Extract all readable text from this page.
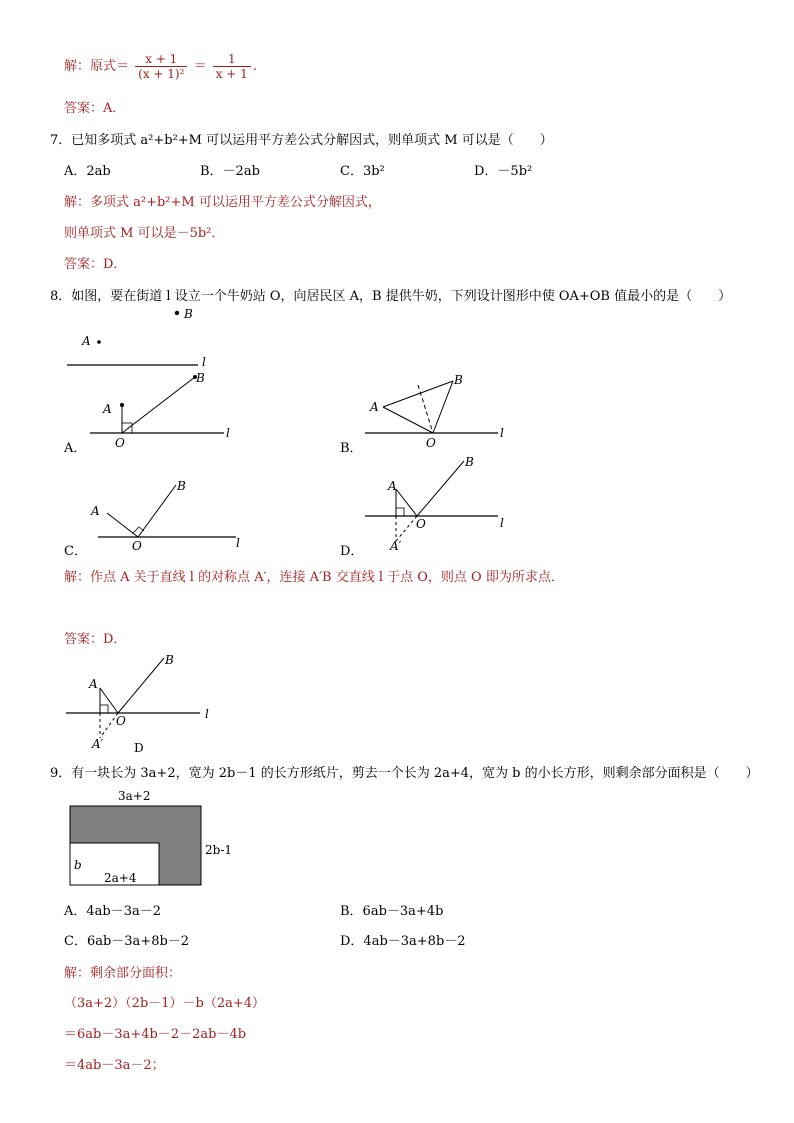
解：原式＝ $\frac{x + 1}{\text{(x + 1)²}} = \frac{1}{x + 1}$ .
答案：A．
7．已知多项式 a²+b²+M 可以运用平方差公式分解因式，则单项式 M 可以是（　　）
A．2ab	B．－2ab	C．3b²	D．－5b²
解：多项式 a²+b²+M 可以运用平方差公式分解因式，
则单项式 M 可以是－5b²．
答案：D．
8．如图，要在街道 l 设立一个牛奶站 O，向居民区 A，B 提供牛奶，下列设计图形中使 OA+OB 值最小的是（　　）
B
A
l
l
A
B
O
A．
l
A
B
O
B．
l
A
B
O
C．
l
A
B
O
A′
D．
解：作点 A 关于直线 l 的对称点 A′，连接 A′B 交直线 l 于点 O，则点 O 即为所求点．
答案：D．
l
A
B
O
A′	D
9．有一块长为 3a+2，宽为 2b－1 的长方形纸片，剪去一个长为 2a+4，宽为 b 的小长方形，则剩余部分面积是（　　）
3a+2
2b-1
b
2a+4
A．4ab－3a－2	B．6ab－3a+4b
C．6ab－3a+8b－2	D．4ab－3a+8b－2
解：剩余部分面积：
（3a+2）（2b－1）－b（2a+4）
＝6ab－3a+4b－2－2ab－4b
＝4ab－3a－2；
